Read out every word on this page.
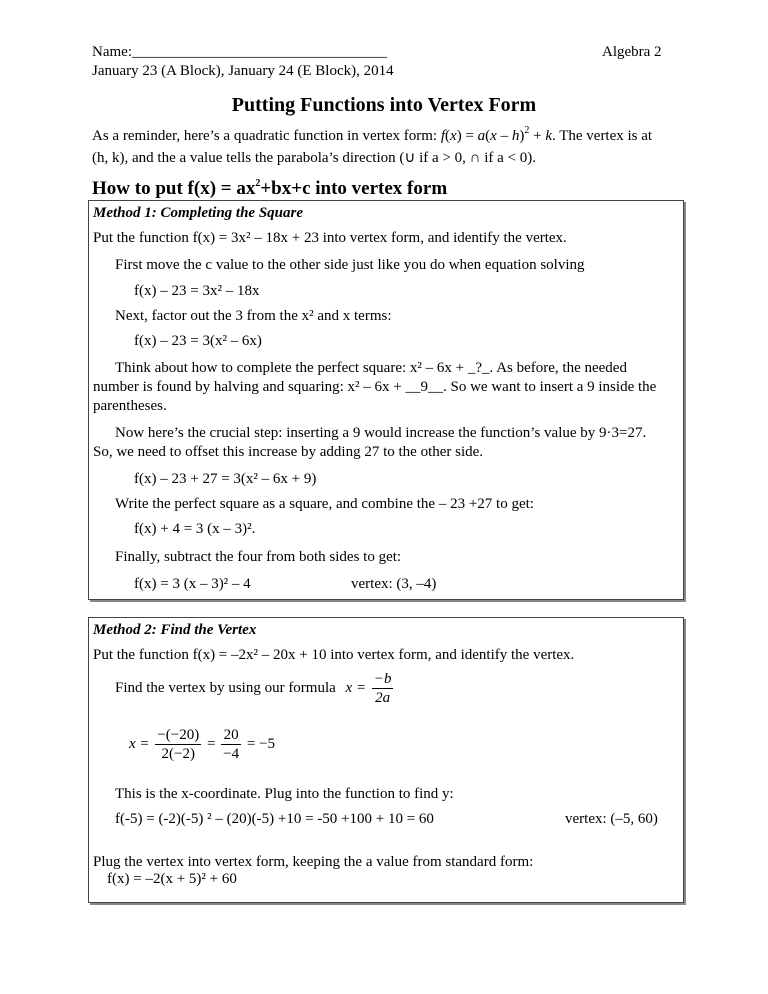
Name:__________________________________	Algebra 2
January 23 (A Block), January 24 (E Block), 2014
Putting Functions into Vertex Form
As a reminder, here’s a quadratic function in vertex form: f(x) = a(x – h)$^2$ + k. The vertex is at
(h, k), and the a value tells the parabola’s direction (∪ if a > 0, ∩ if a < 0).
How to put $f(x) = ax^2+bx+c$ into vertex form
Method 1: Completing the Square
Put the function f(x) = 3x² – 18x + 23 into vertex form, and identify the vertex.
First move the c value to the other side just like you do when equation solving
f(x) – 23 = 3x² – 18x
Next, factor out the 3 from the x² and x terms:
f(x) – 23 = 3(x² – 6x)
Think about how to complete the perfect square: x² – 6x + _?_. As before, the needed
number is found by halving and squaring: x² – 6x + __9__. So we want to insert a 9 inside the
parentheses.
Now here’s the crucial step: inserting a 9 would increase the function’s value by 9·3=27.
So, we need to offset this increase by adding 27 to the other side.
f(x) – 23 + 27 = 3(x² – 6x + 9)
Write the perfect square as a square, and combine the – 23 +27 to get:
f(x) + 4 = 3 (x – 3)².
Finally, subtract the four from both sides to get:
f(x) = 3 (x – 3)² – 4	vertex: (3, –4)
Method 2: Find the Vertex
Put the function f(x) = –2x² – 20x + 10 into vertex form, and identify the vertex.
Find the vertex by using our formula $x = \frac{-b}{2a}$
$x = \frac{-(-20)}{2(-2)} = \frac{20}{-4} = -5$
This is the x-coordinate. Plug into the function to find y:
f(-5) = (-2)(-5) ² – (20)(-5) +10 = -50 +100 + 10 = 60	vertex: (–5, 60)
Plug the vertex into vertex form, keeping the a value from standard form:
f(x) = –2(x + 5)² + 60
